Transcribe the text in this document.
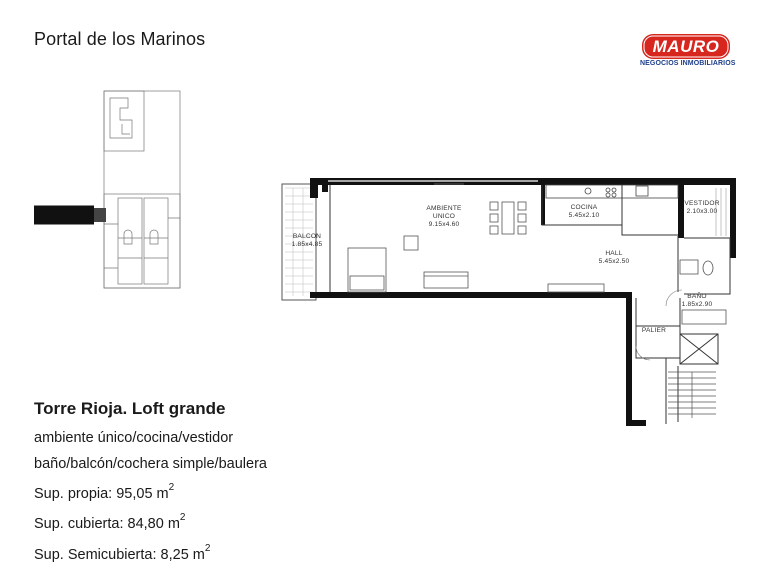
Portal de los Marinos	MAURO
NEGOCIOS INMOBILIARIOS
BALCON
1.85x4.85
AMBIENTE
UNICO
9.15x4.60
COCINA
5.45x2.10
VESTIDOR
2.10x3.00
HALL
5.45x2.50
BAÑO
1.85x2.90
PALIER
Torre Rioja. Loft grande
ambiente único/cocina/vestidor
baño/balcón/cochera simple/baulera
Sup. propia: 95,05 $m^2$
Sup. cubierta: 84,80 $m^2$
Sup. Semicubierta: 8,25 $m^2$
